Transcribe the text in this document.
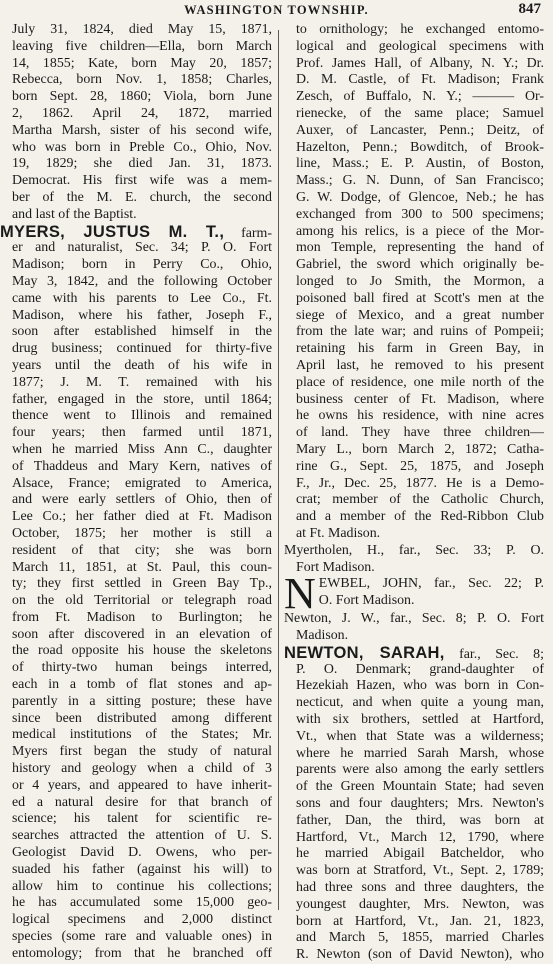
WASHINGTON TOWNSHIP.	847
July 31, 1824, died May 15, 1871,
leaving five children—Ella, born March
14, 1855; Kate, born May 20, 1857;
Rebecca, born Nov. 1, 1858; Charles,
born Sept. 28, 1860; Viola, born June
2, 1862. April 24, 1872, married
Martha Marsh, sister of his second wife,
who was born in Preble Co., Ohio, Nov.
19, 1829; she died Jan. 31, 1873.
Democrat. His first wife was a mem-
ber of the M. E. church, the second
and last of the Baptist.
MYERS, JUSTUS M. T., farm-
er and naturalist, Sec. 34; P. O. Fort
Madison; born in Perry Co., Ohio,
May 3, 1842, and the following October
came with his parents to Lee Co., Ft.
Madison, where his father, Joseph F.,
soon after established himself in the
drug business; continued for thirty-five
years until the death of his wife in
1877; J. M. T. remained with his
father, engaged in the store, until 1864;
thence went to Illinois and remained
four years; then farmed until 1871,
when he married Miss Ann C., daughter
of Thaddeus and Mary Kern, natives of
Alsace, France; emigrated to America,
and were early settlers of Ohio, then of
Lee Co.; her father died at Ft. Madison
October, 1875; her mother is still a
resident of that city; she was born
March 11, 1851, at St. Paul, this coun-
ty; they first settled in Green Bay Tp.,
on the old Territorial or telegraph road
from Ft. Madison to Burlington; he
soon after discovered in an elevation of
the road opposite his house the skeletons
of thirty-two human beings interred,
each in a tomb of flat stones and ap-
parently in a sitting posture; these have
since been distributed among different
medical institutions of the States; Mr.
Myers first began the study of natural
history and geology when a child of 3
or 4 years, and appeared to have inherit-
ed a natural desire for that branch of
science; his talent for scientific re-
searches attracted the attention of U. S.
Geologist David D. Owens, who per-
suaded his father (against his will) to
allow him to continue his collections;
he has accumulated some 15,000 geo-
logical specimens and 2,000 distinct
species (some rare and valuable ones) in
entomology; from that he branched off
to ornithology; he exchanged entomo-
logical and geological specimens with
Prof. James Hall, of Albany, N. Y.; Dr.
D. M. Castle, of Ft. Madison; Frank
Zesch, of Buffalo, N. Y.; ——— Or-
rienecke, of the same place; Samuel
Auxer, of Lancaster, Penn.; Deitz, of
Hazelton, Penn.; Bowditch, of Brook-
line, Mass.; E. P. Austin, of Boston,
Mass.; G. N. Dunn, of San Francisco;
G. W. Dodge, of Glencoe, Neb.; he has
exchanged from 300 to 500 specimens;
among his relics, is a piece of the Mor-
mon Temple, representing the hand of
Gabriel, the sword which originally be-
longed to Jo Smith, the Mormon, a
poisoned ball fired at Scott's men at the
siege of Mexico, and a great number
from the late war; and ruins of Pompeii;
retaining his farm in Green Bay, in
April last, he removed to his present
place of residence, one mile north of the
business center of Ft. Madison, where
he owns his residence, with nine acres
of land. They have three children—
Mary L., born March 2, 1872; Catha-
rine G., Sept. 25, 1875, and Joseph
F., Jr., Dec. 25, 1877. He is a Demo-
crat; member of the Catholic Church,
and a member of the Red-Ribbon Club
at Ft. Madison.
Myertholen, H., far., Sec. 33; P. O.
Fort Madison.
N EWBEL, JOHN, far., Sec. 22; P.
O. Fort Madison.
Newton, J. W., far., Sec. 8; P. O. Fort
Madison.
NEWTON, SARAH, far., Sec. 8;
P. O. Denmark; grand-daughter of
Hezekiah Hazen, who was born in Con-
necticut, and when quite a young man,
with six brothers, settled at Hartford,
Vt., when that State was a wilderness;
where he married Sarah Marsh, whose
parents were also among the early settlers
of the Green Mountain State; had seven
sons and four daughters; Mrs. Newton's
father, Dan, the third, was born at
Hartford, Vt., March 12, 1790, where
he married Abigail Batcheldor, who
was born at Stratford, Vt., Sept. 2, 1789;
had three sons and three daughters, the
youngest daughter, Mrs. Newton, was
born at Hartford, Vt., Jan. 21, 1823,
and March 5, 1855, married Charles
R. Newton (son of David Newton), who
